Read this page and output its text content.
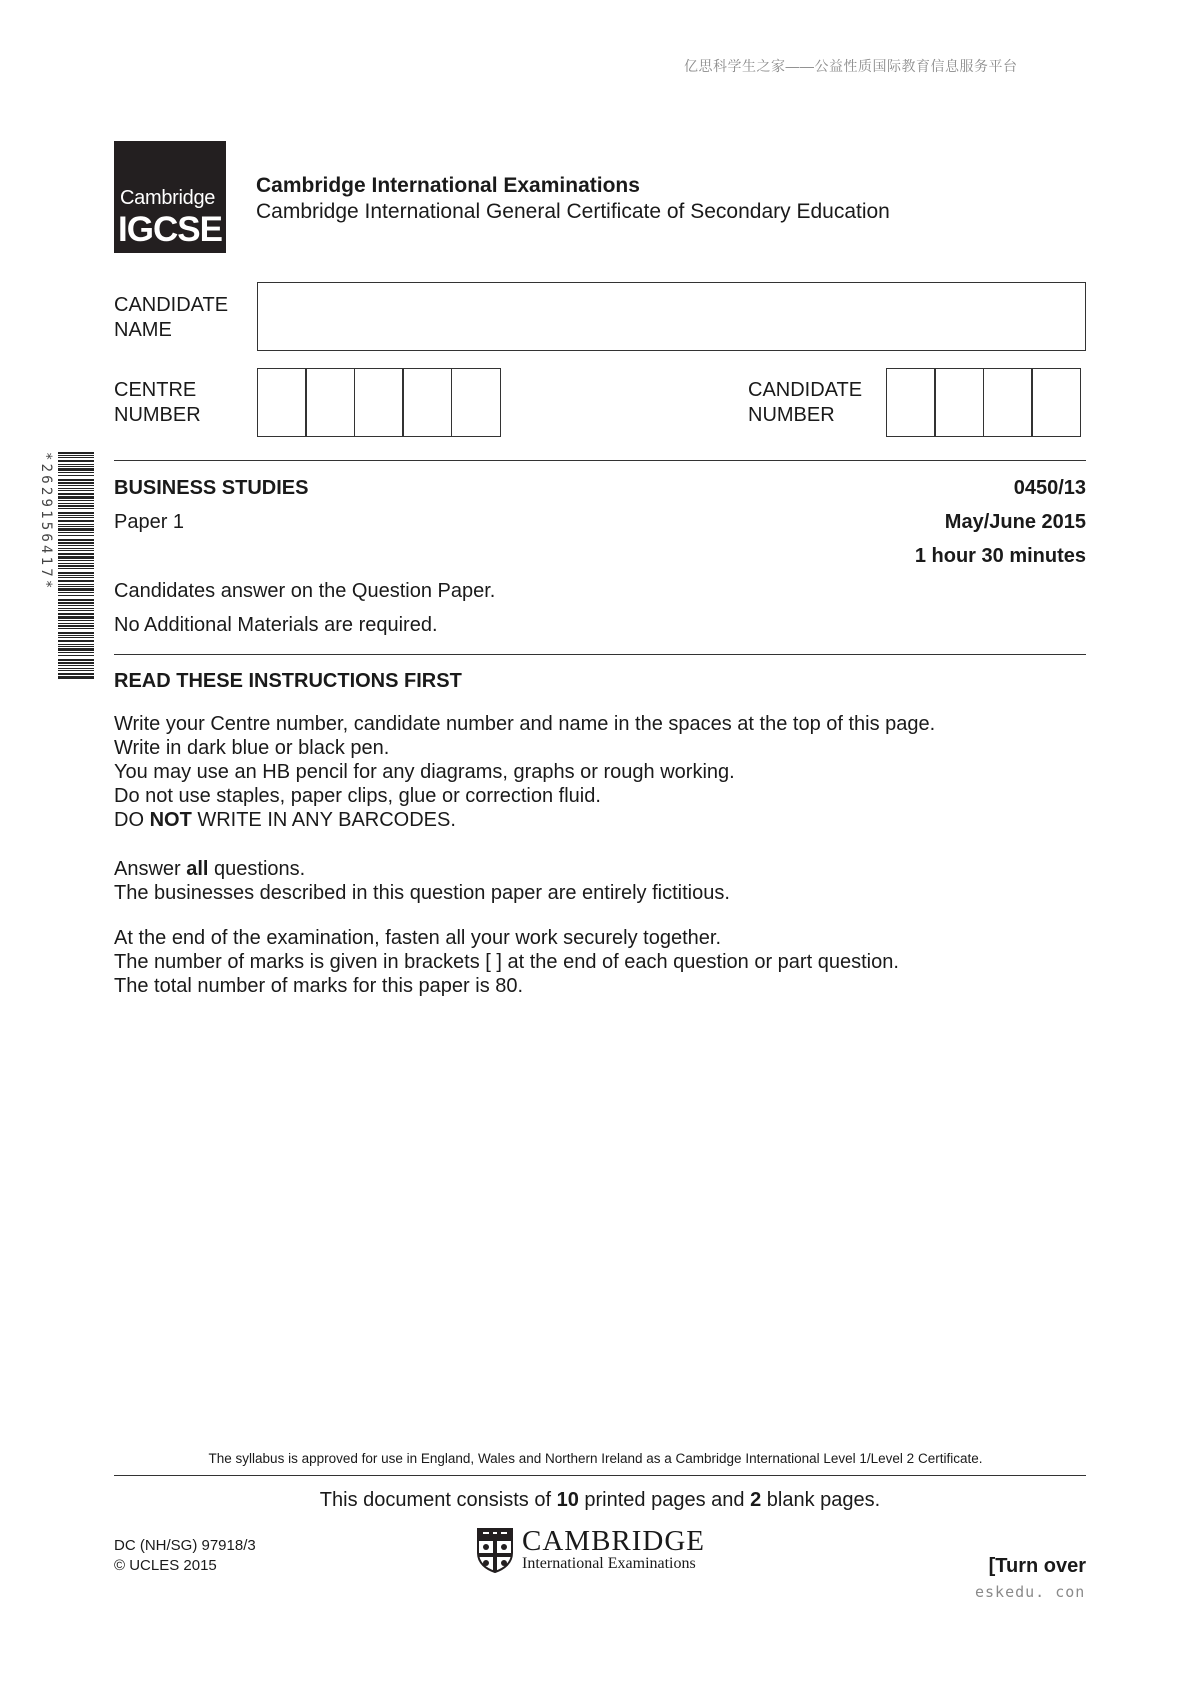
亿思科学生之家——公益性质国际教育信息服务平台
Cambridge
IGCSE
Cambridge International Examinations
Cambridge International General Certificate of Secondary Education
CANDIDATE
NAME
CENTRE
NUMBER
CANDIDATE
NUMBER
*2629156417*	BUSINESS STUDIES	0450/13
Paper 1	May/June 2015
1 hour 30 minutes
Candidates answer on the Question Paper.
No Additional Materials are required.
READ THESE INSTRUCTIONS FIRST
Write your Centre number, candidate number and name in the spaces at the top of this page.
Write in dark blue or black pen.
You may use an HB pencil for any diagrams, graphs or rough working.
Do not use staples, paper clips, glue or correction fluid.
DO NOT WRITE IN ANY BARCODES.
Answer all questions.
The businesses described in this question paper are entirely fictitious.
At the end of the examination, fasten all your work securely together.
The number of marks is given in brackets [ ] at the end of each question or part question.
The total number of marks for this paper is 80.
The syllabus is approved for use in England, Wales and Northern Ireland as a Cambridge International Level 1/Level 2 Certificate.
This document consists of 10 printed pages and 2 blank pages.
DC (NH/SG) 97918/3
© UCLES 2015
CAMBRIDGE
International Examinations	[Turn over
eskedu. con
